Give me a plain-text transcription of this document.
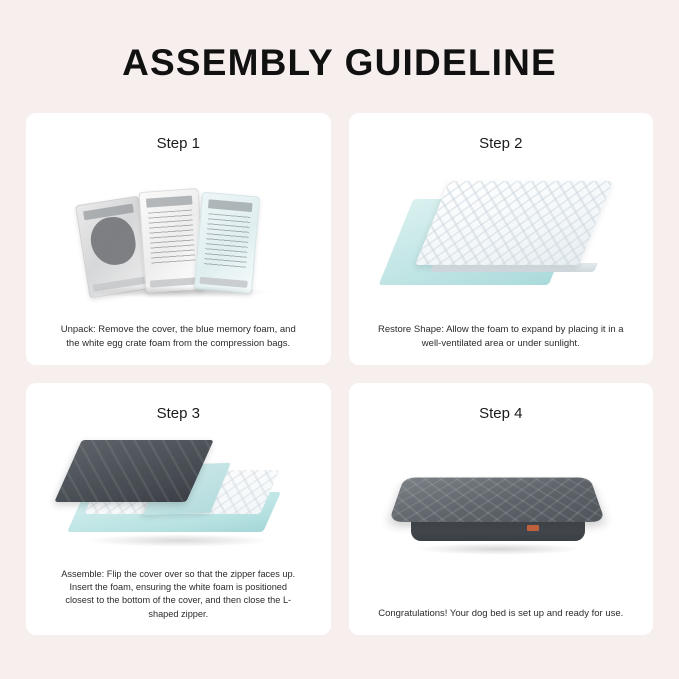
ASSEMBLY GUIDELINE
Step 1

Unpack: Remove the cover, the blue memory foam, and the white egg crate foam from the compression bags.

Step 2

Restore Shape: Allow the foam to expand by placing it in a well-ventilated area or under sunlight.

Step 3

Assemble: Flip the cover over so that the zipper faces up. Insert the foam, ensuring the white foam is positioned closest to the bottom of the cover, and then close the L-shaped zipper.

Step 4

Congratulations! Your dog bed is set up and ready for use.
